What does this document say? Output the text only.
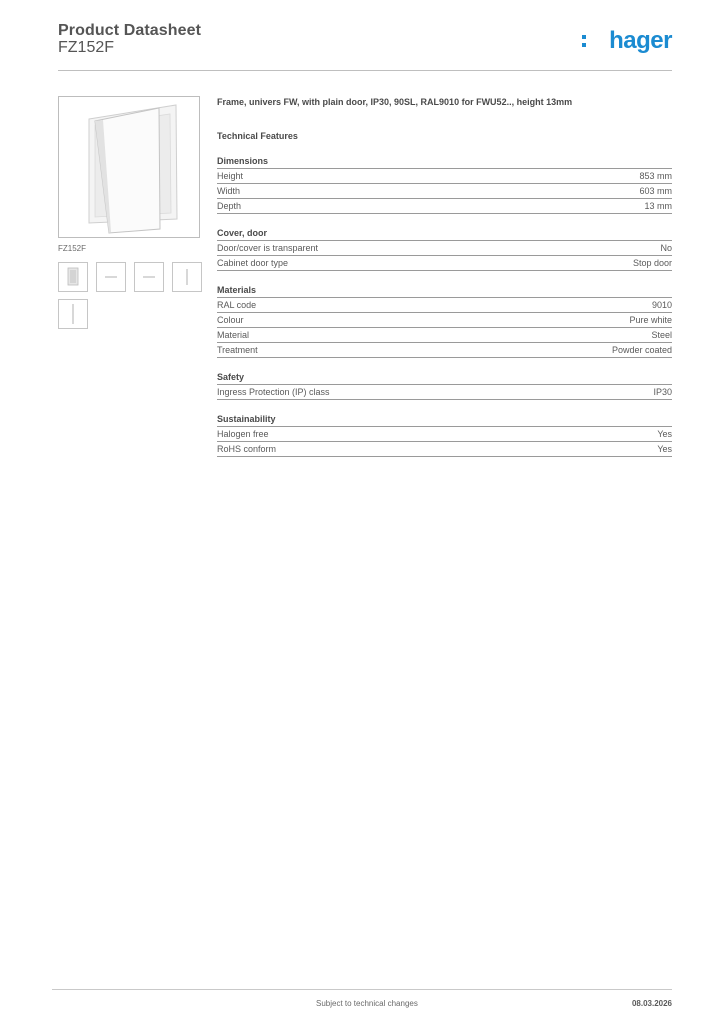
Product Datasheet
FZ152F	hager
FZ152F

Frame, univers FW, with plain door, IP30, 90SL, RAL9010 for FWU52.., height 13mm

Technical Features
Dimensions
Height	853 mm
Width	603 mm
Depth	13 mm
Cover, door
Door/cover is transparent	No
Cabinet door type	Stop door
Materials
RAL code	9010
Colour	Pure white
Material	Steel
Treatment	Powder coated
Safety
Ingress Protection (IP) class	IP30
Sustainability
Halogen free	Yes
RoHS conform	Yes
Subject to technical changes	08.03.2026
